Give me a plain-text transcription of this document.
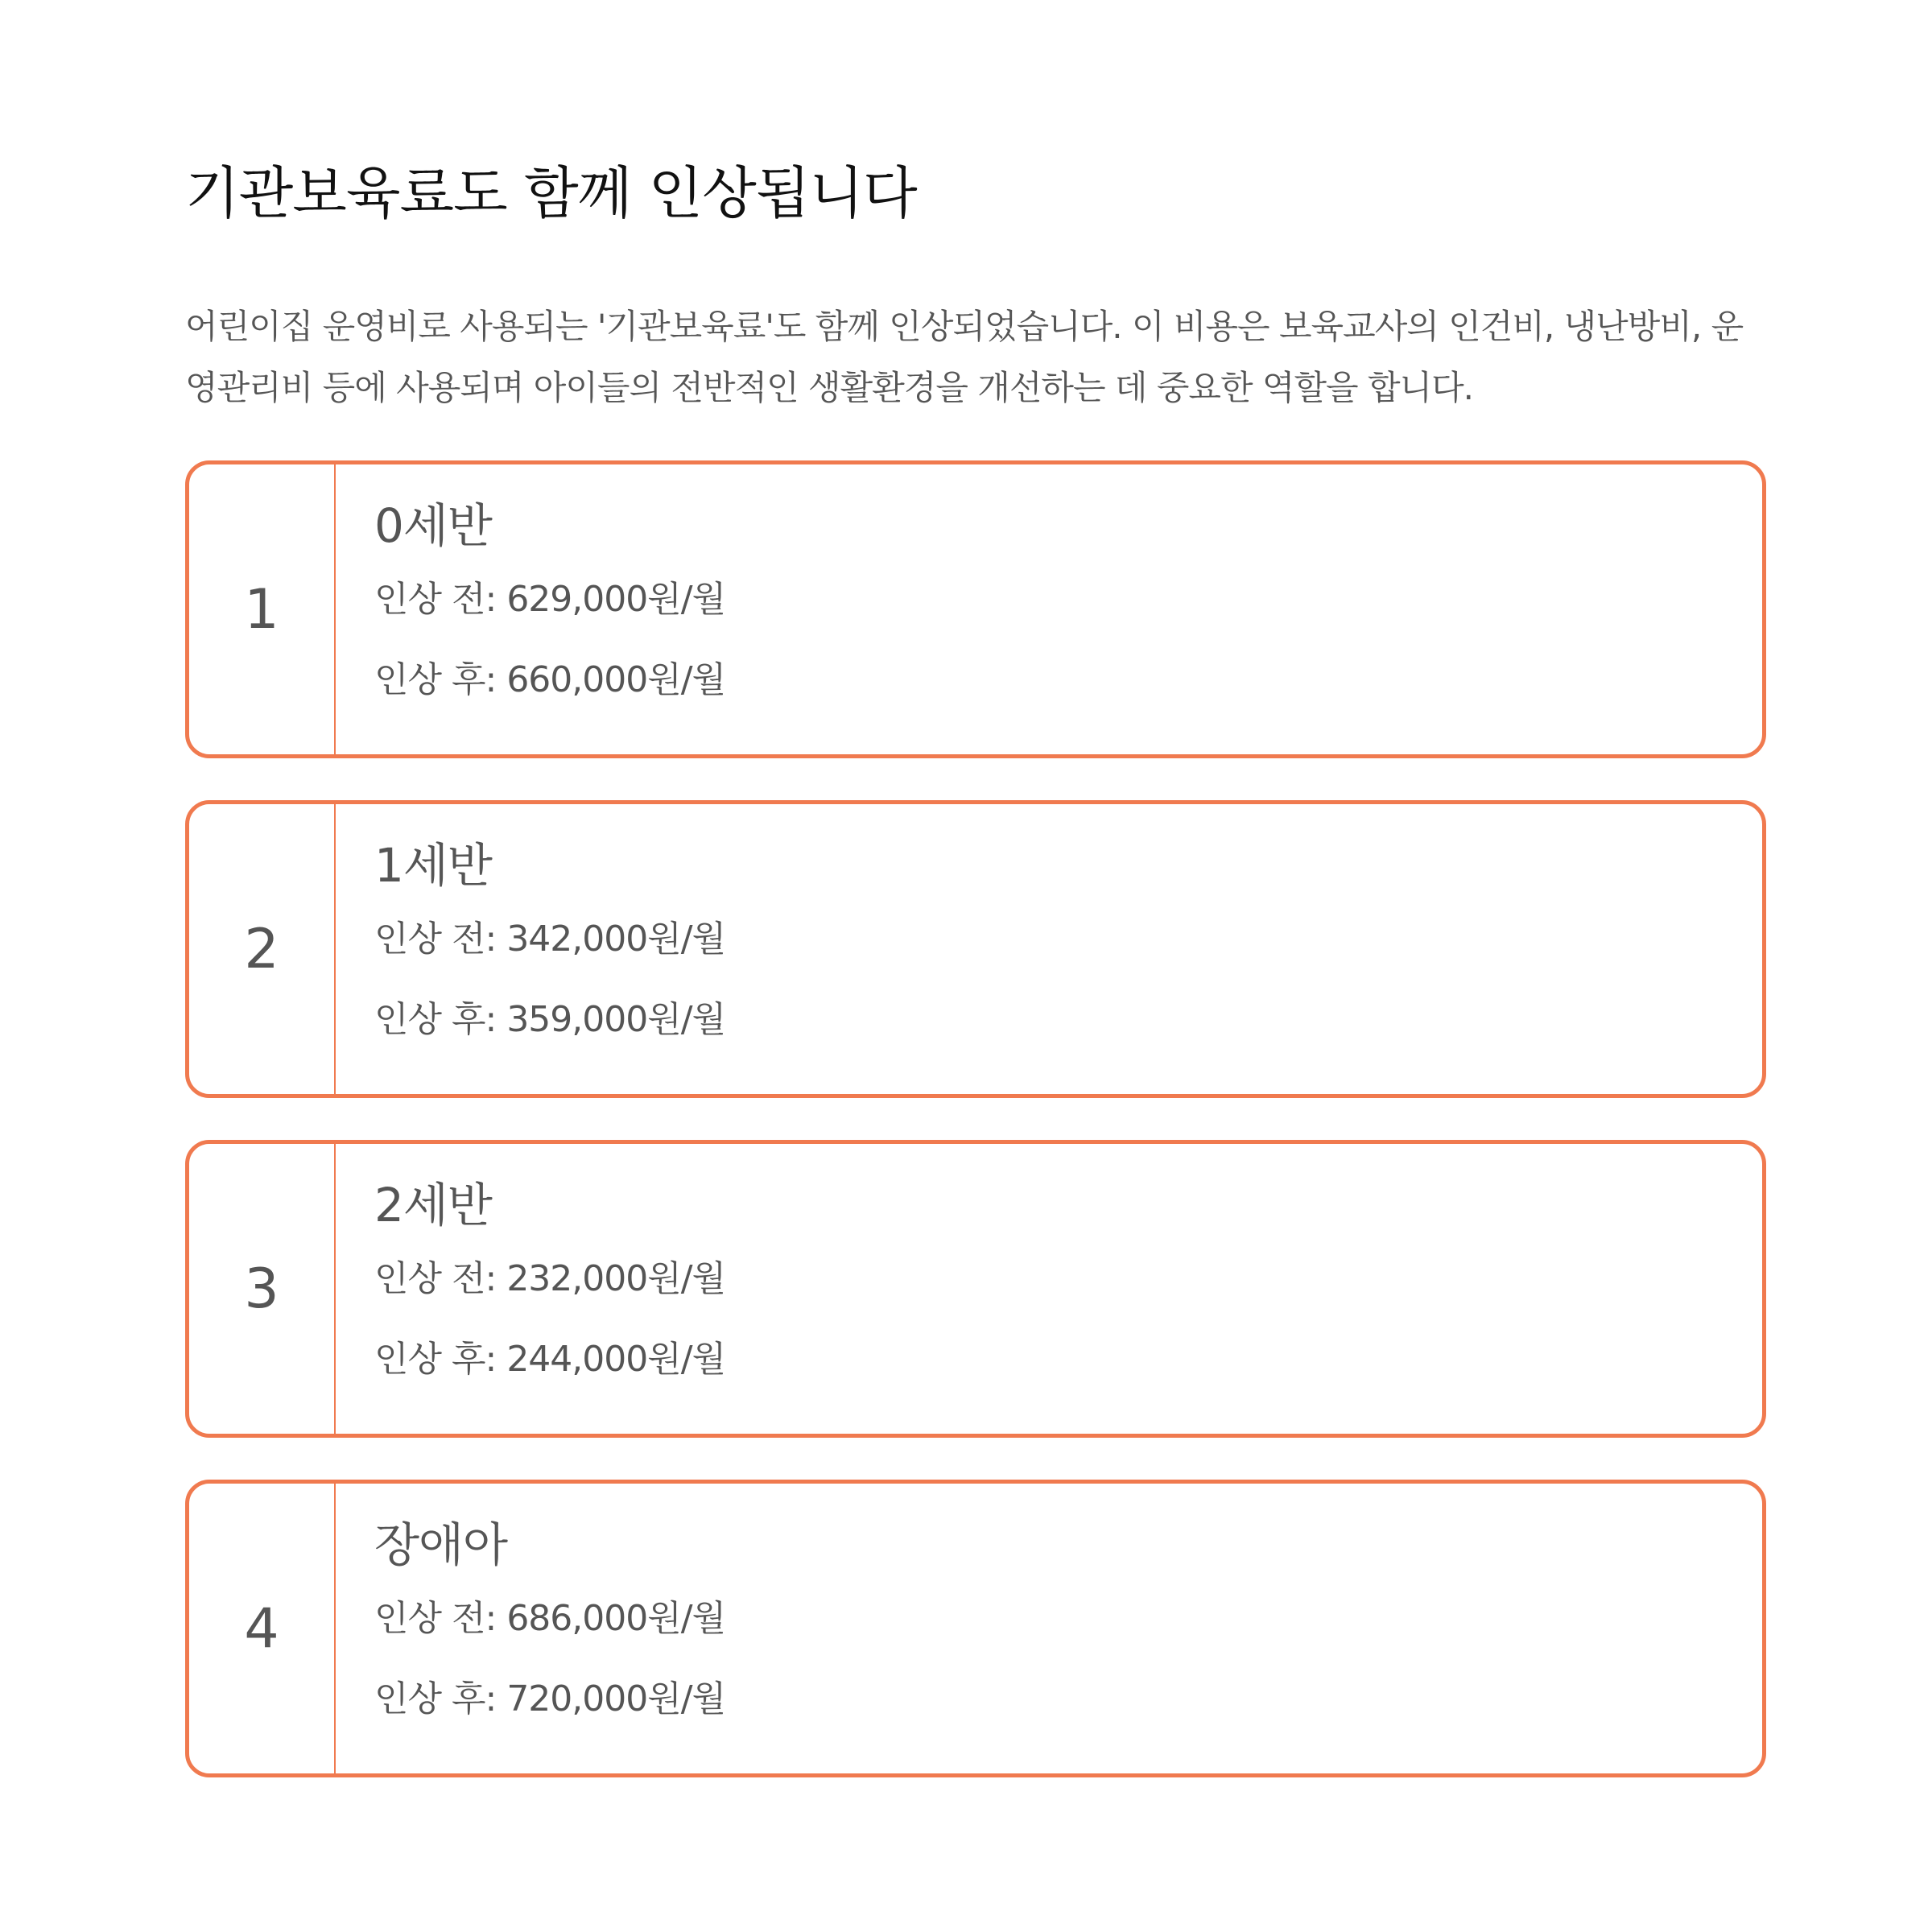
기관보육료도 함께 인상됩니다

어린이집 운영비로 사용되는 '기관보육료'도 함께 인상되었습니다. 이 비용은 보육교사의 인건비, 냉난방비, 운영관리비 등에 사용되며 아이들의 전반적인 생활환경을 개선하는 데 중요한 역할을 합니다.

1

0세반

인상 전 : 629,000원/월

인상 후 : 660,000원/월

2

1세반

인상 전 : 342,000원/월

인상 후 : 359,000원/월

3

2세반

인상 전 : 232,000원/월

인상 후 : 244,000원/월

4

장애아

인상 전 : 686,000원/월

인상 후 : 720,000원/월
